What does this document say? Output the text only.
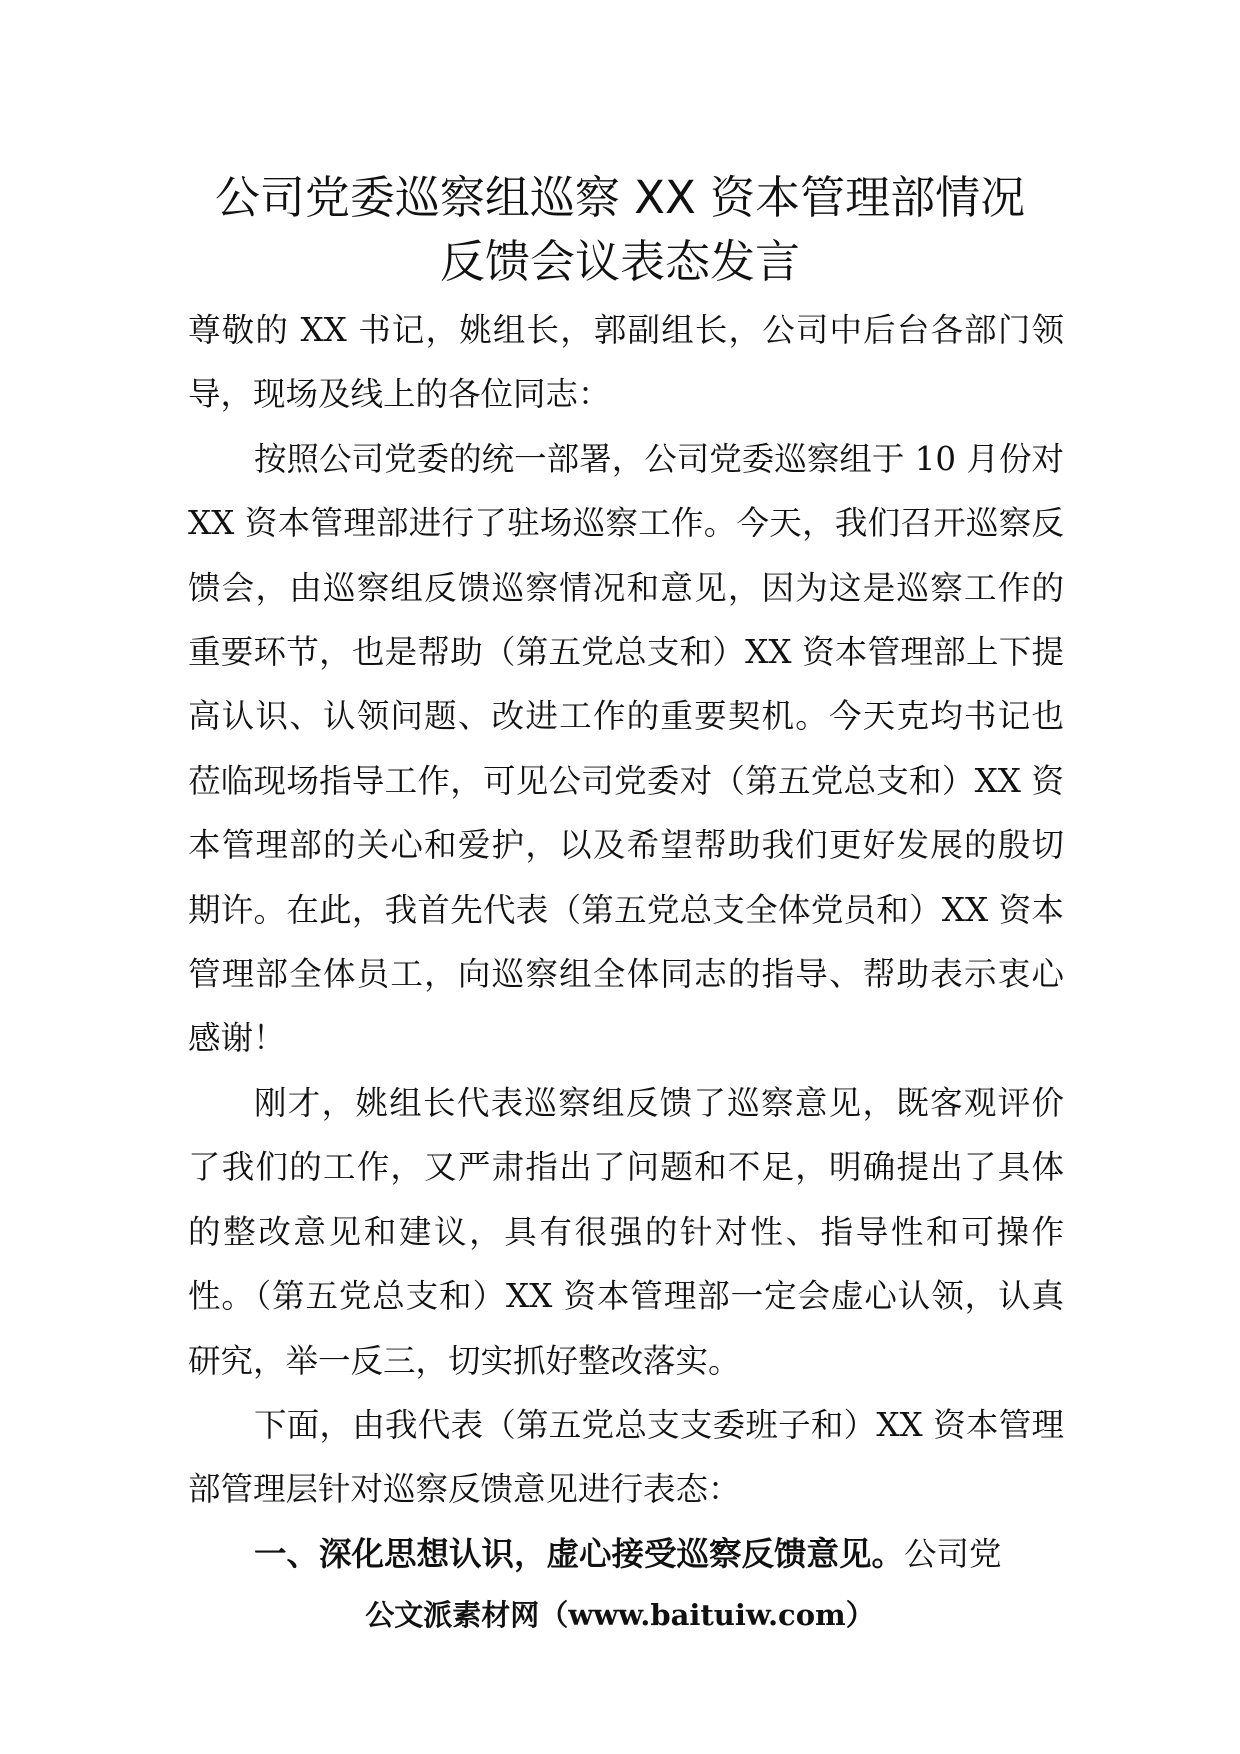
公司党委巡察组巡察 XX 资本管理部情况
反馈会议表态发言

尊敬的 XX 书记，姚组长，郭副组长，公司中后台各部门领导，现场及线上的各位同志：

按照公司党委的统一部署，公司党委巡察组于 10 月份对 XX 资本管理部进行了驻场巡察工作。今天，我们召开巡察反馈会，由巡察组反馈巡察情况和意见，因为这是巡察工作的重要环节，也是帮助（第五党总支和）XX 资本管理部上下提高认识、认领问题、改进工作的重要契机。今天克均书记也莅临现场指导工作，可见公司党委对（第五党总支和）XX 资本管理部的关心和爱护，以及希望帮助我们更好发展的殷切期许。在此，我首先代表（第五党总支全体党员和）XX 资本管理部全体员工，向巡察组全体同志的指导、帮助表示衷心感谢！

刚才，姚组长代表巡察组反馈了巡察意见，既客观评价了我们的工作，又严肃指出了问题和不足，明确提出了具体的整改意见和建议，具有很强的针对性、指导性和可操作性。（第五党总支和）XX 资本管理部一定会虚心认领，认真研究，举一反三，切实抓好整改落实。

下面，由我代表（第五党总支支委班子和）XX 资本管理部管理层针对巡察反馈意见进行表态：

一、深化思想认识，虚心接受巡察反馈意见。公司党

公文派素材网（www.baituiw.com）
